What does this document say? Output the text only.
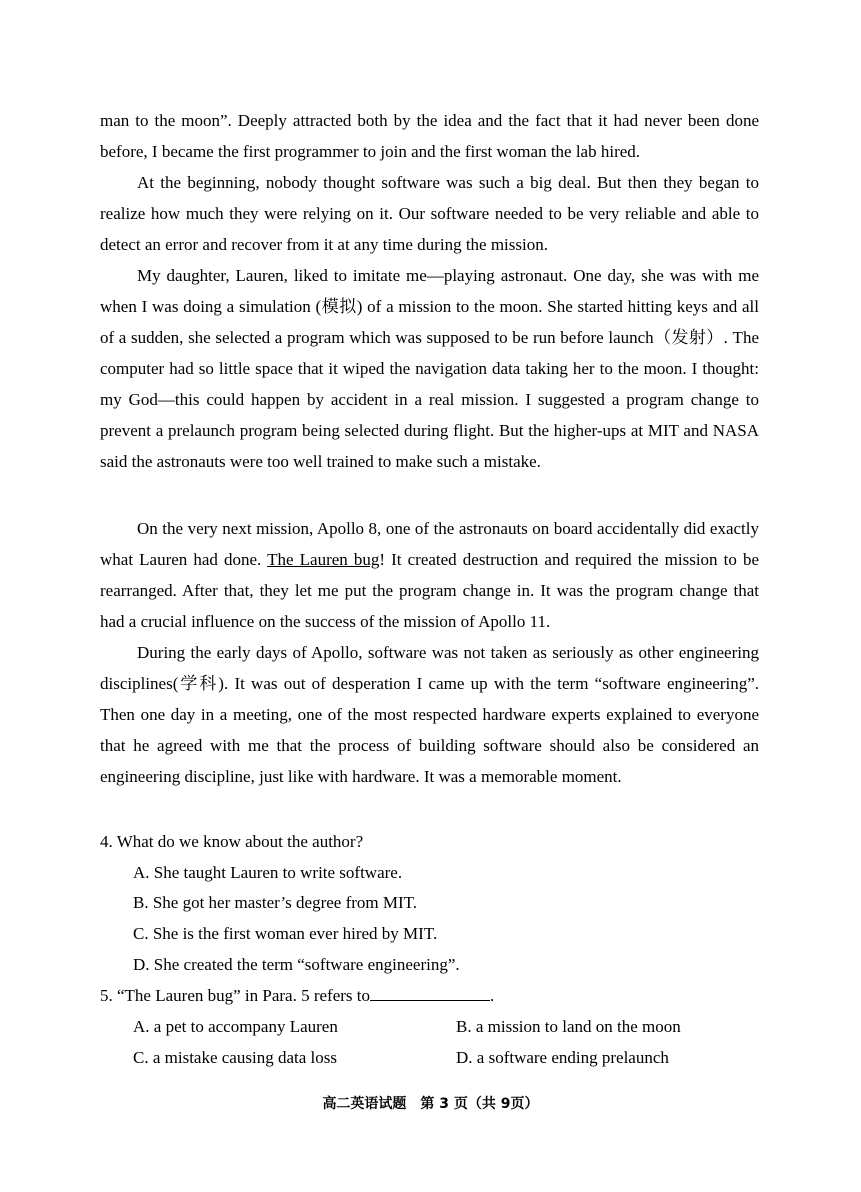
man to the moon”. Deeply attracted both by the idea and the fact that it had never been done before, I became the first programmer to join and the first woman the lab hired.

At the beginning, nobody thought software was such a big deal. But then they began to realize how much they were relying on it. Our software needed to be very reliable and able to detect an error and recover from it at any time during the mission.

My daughter, Lauren, liked to imitate me—playing astronaut. One day, she was with me when I was doing a simulation (模拟) of a mission to the moon. She started hitting keys and all of a sudden, she selected a program which was supposed to be run before launch（发射）. The computer had so little space that it wiped the navigation data taking her to the moon. I thought: my God—this could happen by accident in a real mission. I suggested a program change to prevent a prelaunch program being selected during flight. But the higher-ups at MIT and NASA said the astronauts were too well trained to make such a mistake.

On the very next mission, Apollo 8, one of the astronauts on board accidentally did exactly what Lauren had done. The Lauren bug! It created destruction and required the mission to be rearranged. After that, they let me put the program change in. It was the program change that had a crucial influence on the success of the mission of Apollo 11.

During the early days of Apollo, software was not taken as seriously as other engineering disciplines(学科). It was out of desperation I came up with the term “software engineering”. Then one day in a meeting, one of the most respected hardware experts explained to everyone that he agreed with me that the process of building software should also be considered an engineering discipline, just like with hardware. It was a memorable moment.

4. What do we know about the author?

A. She taught Lauren to write software.

B. She got her master’s degree from MIT.

C. She is the first woman ever hired by MIT.

D. She created the term “software engineering”.

5. “The Lauren bug” in Para. 5 refers to	.

A. a pet to accompany Lauren	B. a mission to land on the moon

C. a mistake causing data loss	D. a software ending prelaunch

高二英语试题　第 3 页（共 9页）
